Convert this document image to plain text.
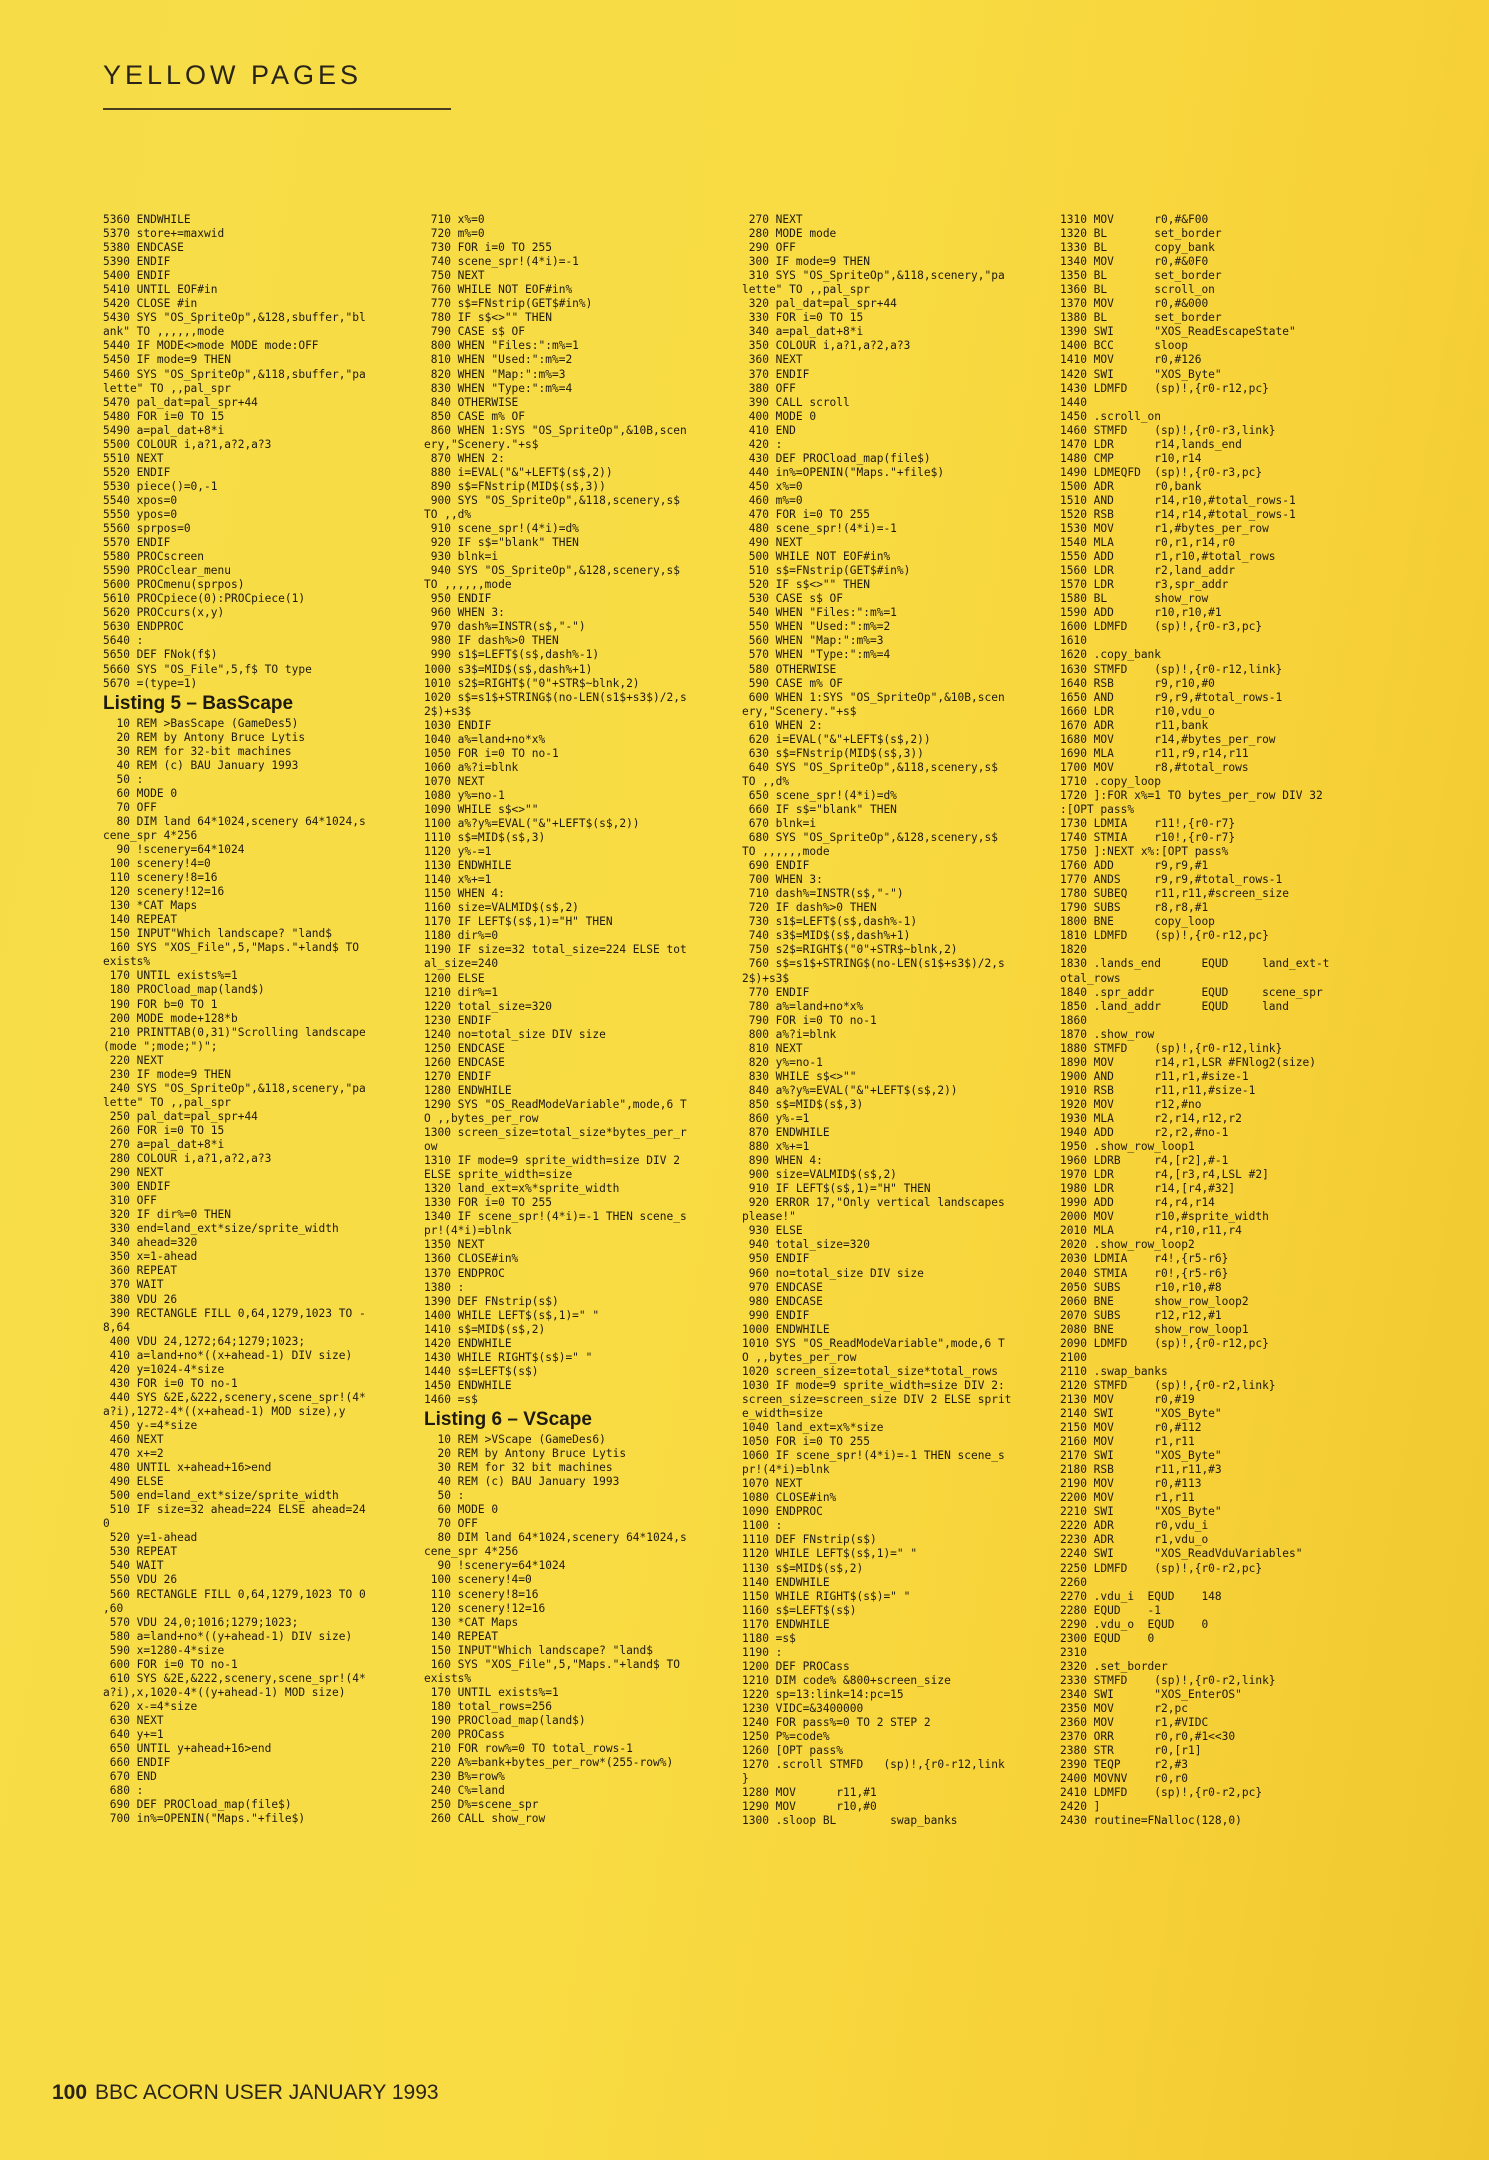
YELLOW PAGES
5360 ENDWHILE
5370 store+=maxwid
5380 ENDCASE
5390 ENDIF
5400 ENDIF
5410 UNTIL EOF#in
5420 CLOSE #in
5430 SYS "OS_SpriteOp",&128,sbuffer,"bl
ank" TO ,,,,,,mode
5440 IF MODE<>mode MODE mode:OFF
5450 IF mode=9 THEN
5460 SYS "OS_SpriteOp",&118,sbuffer,"pa
lette" TO ,,pal_spr
5470 pal_dat=pal_spr+44
5480 FOR i=0 TO 15
5490 a=pal_dat+8*i
5500 COLOUR i,a?1,a?2,a?3
5510 NEXT
5520 ENDIF
5530 piece()=0,-1
5540 xpos=0
5550 ypos=0
5560 sprpos=0
5570 ENDIF
5580 PROCscreen
5590 PROCclear_menu
5600 PROCmenu(sprpos)
5610 PROCpiece(0):PROCpiece(1)
5620 PROCcurs(x,y)
5630 ENDPROC
5640 :
5650 DEF FNok(f$)
5660 SYS "OS_File",5,f$ TO type
5670 =(type=1)
Listing 5 – BasScape
10 REM >BasScape (GameDes5)
20 REM by Antony Bruce Lytis
30 REM for 32-bit machines
40 REM (c) BAU January 1993
50 :
60 MODE 0
70 OFF
80 DIM land 64*1024,scenery 64*1024,s
cene_spr 4*256
90 !scenery=64*1024
100 scenery!4=0
110 scenery!8=16
120 scenery!12=16
130 *CAT Maps
140 REPEAT
150 INPUT"Which landscape? "land$
160 SYS "XOS_File",5,"Maps."+land$ TO
exists%
170 UNTIL exists%=1
180 PROCload_map(land$)
190 FOR b=0 TO 1
200 MODE mode+128*b
210 PRINTTAB(0,31)"Scrolling landscape
(mode ";mode;")";
220 NEXT
230 IF mode=9 THEN
240 SYS "OS_SpriteOp",&118,scenery,"pa
lette" TO ,,pal_spr
250 pal_dat=pal_spr+44
260 FOR i=0 TO 15
270 a=pal_dat+8*i
280 COLOUR i,a?1,a?2,a?3
290 NEXT
300 ENDIF
310 OFF
320 IF dir%=0 THEN
330 end=land_ext*size/sprite_width
340 ahead=320
350 x=1-ahead
360 REPEAT
370 WAIT
380 VDU 26
390 RECTANGLE FILL 0,64,1279,1023 TO -
8,64
400 VDU 24,1272;64;1279;1023;
410 a=land+no*((x+ahead-1) DIV size)
420 y=1024-4*size
430 FOR i=0 TO no-1
440 SYS &2E,&222,scenery,scene_spr!(4*
a?i),1272-4*((x+ahead-1) MOD size),y
450 y-=4*size
460 NEXT
470 x+=2
480 UNTIL x+ahead+16>end
490 ELSE
500 end=land_ext*size/sprite_width
510 IF size=32 ahead=224 ELSE ahead=24
0
520 y=1-ahead
530 REPEAT
540 WAIT
550 VDU 26
560 RECTANGLE FILL 0,64,1279,1023 TO 0
,60
570 VDU 24,0;1016;1279;1023;
580 a=land+no*((y+ahead-1) DIV size)
590 x=1280-4*size
600 FOR i=0 TO no-1
610 SYS &2E,&222,scenery,scene_spr!(4*
a?i),x,1020-4*((y+ahead-1) MOD size)
620 x-=4*size
630 NEXT
640 y+=1
650 UNTIL y+ahead+16>end
660 ENDIF
670 END
680 :
690 DEF PROCload_map(file$)
700 in%=OPENIN("Maps."+file$)
710 x%=0
720 m%=0
730 FOR i=0 TO 255
740 scene_spr!(4*i)=-1
750 NEXT
760 WHILE NOT EOF#in%
770 s$=FNstrip(GET$#in%)
780 IF s$<>"" THEN
790 CASE s$ OF
800 WHEN "Files:":m%=1
810 WHEN "Used:":m%=2
820 WHEN "Map:":m%=3
830 WHEN "Type:":m%=4
840 OTHERWISE
850 CASE m% OF
860 WHEN 1:SYS "OS_SpriteOp",&10B,scen
ery,"Scenery."+s$
870 WHEN 2:
880 i=EVAL("&"+LEFT$(s$,2))
890 s$=FNstrip(MID$(s$,3))
900 SYS "OS_SpriteOp",&118,scenery,s$
TO ,,d%
910 scene_spr!(4*i)=d%
920 IF s$="blank" THEN
930 blnk=i
940 SYS "OS_SpriteOp",&128,scenery,s$
TO ,,,,,,mode
950 ENDIF
960 WHEN 3:
970 dash%=INSTR(s$,"-")
980 IF dash%>0 THEN
990 s1$=LEFT$(s$,dash%-1)
1000 s3$=MID$(s$,dash%+1)
1010 s2$=RIGHT$("0"+STR$~blnk,2)
1020 s$=s1$+STRING$(no-LEN(s1$+s3$)/2,s
2$)+s3$
1030 ENDIF
1040 a%=land+no*x%
1050 FOR i=0 TO no-1
1060 a%?i=blnk
1070 NEXT
1080 y%=no-1
1090 WHILE s$<>""
1100 a%?y%=EVAL("&"+LEFT$(s$,2))
1110 s$=MID$(s$,3)
1120 y%-=1
1130 ENDWHILE
1140 x%+=1
1150 WHEN 4:
1160 size=VALMID$(s$,2)
1170 IF LEFT$(s$,1)="H" THEN
1180 dir%=0
1190 IF size=32 total_size=224 ELSE tot
al_size=240
1200 ELSE
1210 dir%=1
1220 total_size=320
1230 ENDIF
1240 no=total_size DIV size
1250 ENDCASE
1260 ENDCASE
1270 ENDIF
1280 ENDWHILE
1290 SYS "OS_ReadModeVariable",mode,6 T
O ,,bytes_per_row
1300 screen_size=total_size*bytes_per_r
ow
1310 IF mode=9 sprite_width=size DIV 2
ELSE sprite_width=size
1320 land_ext=x%*sprite_width
1330 FOR i=0 TO 255
1340 IF scene_spr!(4*i)=-1 THEN scene_s
pr!(4*i)=blnk
1350 NEXT
1360 CLOSE#in%
1370 ENDPROC
1380 :
1390 DEF FNstrip(s$)
1400 WHILE LEFT$(s$,1)=" "
1410 s$=MID$(s$,2)
1420 ENDWHILE
1430 WHILE RIGHT$(s$)=" "
1440 s$=LEFT$(s$)
1450 ENDWHILE
1460 =s$
Listing 6 – VScape
10 REM >VScape (GameDes6)
20 REM by Antony Bruce Lytis
30 REM for 32 bit machines
40 REM (c) BAU January 1993
50 :
60 MODE 0
70 OFF
80 DIM land 64*1024,scenery 64*1024,s
cene_spr 4*256
90 !scenery=64*1024
100 scenery!4=0
110 scenery!8=16
120 scenery!12=16
130 *CAT Maps
140 REPEAT
150 INPUT"Which landscape? "land$
160 SYS "XOS_File",5,"Maps."+land$ TO
exists%
170 UNTIL exists%=1
180 total_rows=256
190 PROCload_map(land$)
200 PROCass
210 FOR row%=0 TO total_rows-1
220 A%=bank+bytes_per_row*(255-row%)
230 B%=row%
240 C%=land
250 D%=scene_spr
260 CALL show_row
270 NEXT
280 MODE mode
290 OFF
300 IF mode=9 THEN
310 SYS "OS_SpriteOp",&118,scenery,"pa
lette" TO ,,pal_spr
320 pal_dat=pal_spr+44
330 FOR i=0 TO 15
340 a=pal_dat+8*i
350 COLOUR i,a?1,a?2,a?3
360 NEXT
370 ENDIF
380 OFF
390 CALL scroll
400 MODE 0
410 END
420 :
430 DEF PROCload_map(file$)
440 in%=OPENIN("Maps."+file$)
450 x%=0
460 m%=0
470 FOR i=0 TO 255
480 scene_spr!(4*i)=-1
490 NEXT
500 WHILE NOT EOF#in%
510 s$=FNstrip(GET$#in%)
520 IF s$<>"" THEN
530 CASE s$ OF
540 WHEN "Files:":m%=1
550 WHEN "Used:":m%=2
560 WHEN "Map:":m%=3
570 WHEN "Type:":m%=4
580 OTHERWISE
590 CASE m% OF
600 WHEN 1:SYS "OS_SpriteOp",&10B,scen
ery,"Scenery."+s$
610 WHEN 2:
620 i=EVAL("&"+LEFT$(s$,2))
630 s$=FNstrip(MID$(s$,3))
640 SYS "OS_SpriteOp",&118,scenery,s$
TO ,,d%
650 scene_spr!(4*i)=d%
660 IF s$="blank" THEN
670 blnk=i
680 SYS "OS_SpriteOp",&128,scenery,s$
TO ,,,,,,mode
690 ENDIF
700 WHEN 3:
710 dash%=INSTR(s$,"-")
720 IF dash%>0 THEN
730 s1$=LEFT$(s$,dash%-1)
740 s3$=MID$(s$,dash%+1)
750 s2$=RIGHT$("0"+STR$~blnk,2)
760 s$=s1$+STRING$(no-LEN(s1$+s3$)/2,s
2$)+s3$
770 ENDIF
780 a%=land+no*x%
790 FOR i=0 TO no-1
800 a%?i=blnk
810 NEXT
820 y%=no-1
830 WHILE s$<>""
840 a%?y%=EVAL("&"+LEFT$(s$,2))
850 s$=MID$(s$,3)
860 y%-=1
870 ENDWHILE
880 x%+=1
890 WHEN 4:
900 size=VALMID$(s$,2)
910 IF LEFT$(s$,1)="H" THEN
920 ERROR 17,"Only vertical landscapes
please!"
930 ELSE
940 total_size=320
950 ENDIF
960 no=total_size DIV size
970 ENDCASE
980 ENDCASE
990 ENDIF
1000 ENDWHILE
1010 SYS "OS_ReadModeVariable",mode,6 T
O ,,bytes_per_row
1020 screen_size=total_size*total_rows
1030 IF mode=9 sprite_width=size DIV 2:
screen_size=screen_size DIV 2 ELSE sprit
e_width=size
1040 land_ext=x%*size
1050 FOR i=0 TO 255
1060 IF scene_spr!(4*i)=-1 THEN scene_s
pr!(4*i)=blnk
1070 NEXT
1080 CLOSE#in%
1090 ENDPROC
1100 :
1110 DEF FNstrip(s$)
1120 WHILE LEFT$(s$,1)=" "
1130 s$=MID$(s$,2)
1140 ENDWHILE
1150 WHILE RIGHT$(s$)=" "
1160 s$=LEFT$(s$)
1170 ENDWHILE
1180 =s$
1190 :
1200 DEF PROCass
1210 DIM code% &800+screen_size
1220 sp=13:link=14:pc=15
1230 VIDC=&3400000
1240 FOR pass%=0 TO 2 STEP 2
1250 P%=code%
1260 [OPT pass%
1270 .scroll STMFD   (sp)!,{r0-r12,link
}
1280 MOV      r11,#1
1290 MOV      r10,#0
1300 .sloop BL        swap_banks
1310 MOV      r0,#&F00
1320 BL       set_border
1330 BL       copy_bank
1340 MOV      r0,#&0F0
1350 BL       set_border
1360 BL       scroll_on
1370 MOV      r0,#&000
1380 BL       set_border
1390 SWI      "XOS_ReadEscapeState"
1400 BCC      sloop
1410 MOV      r0,#126
1420 SWI      "XOS_Byte"
1430 LDMFD    (sp)!,{r0-r12,pc}
1440
1450 .scroll_on
1460 STMFD    (sp)!,{r0-r3,link}
1470 LDR      r14,lands_end
1480 CMP      r10,r14
1490 LDMEQFD  (sp)!,{r0-r3,pc}
1500 ADR      r0,bank
1510 AND      r14,r10,#total_rows-1
1520 RSB      r14,r14,#total_rows-1
1530 MOV      r1,#bytes_per_row
1540 MLA      r0,r1,r14,r0
1550 ADD      r1,r10,#total_rows
1560 LDR      r2,land_addr
1570 LDR      r3,spr_addr
1580 BL       show_row
1590 ADD      r10,r10,#1
1600 LDMFD    (sp)!,{r0-r3,pc}
1610
1620 .copy_bank
1630 STMFD    (sp)!,{r0-r12,link}
1640 RSB      r9,r10,#0
1650 AND      r9,r9,#total_rows-1
1660 LDR      r10,vdu_o
1670 ADR      r11,bank
1680 MOV      r14,#bytes_per_row
1690 MLA      r11,r9,r14,r11
1700 MOV      r8,#total_rows
1710 .copy_loop
1720 ]:FOR x%=1 TO bytes_per_row DIV 32
:[OPT pass%
1730 LDMIA    r11!,{r0-r7}
1740 STMIA    r10!,{r0-r7}
1750 ]:NEXT x%:[OPT pass%
1760 ADD      r9,r9,#1
1770 ANDS     r9,r9,#total_rows-1
1780 SUBEQ    r11,r11,#screen_size
1790 SUBS     r8,r8,#1
1800 BNE      copy_loop
1810 LDMFD    (sp)!,{r0-r12,pc}
1820
1830 .lands_end      EQUD     land_ext-t
otal_rows
1840 .spr_addr       EQUD     scene_spr
1850 .land_addr      EQUD     land
1860
1870 .show_row
1880 STMFD    (sp)!,{r0-r12,link}
1890 MOV      r14,r1,LSR #FNlog2(size)
1900 AND      r11,r1,#size-1
1910 RSB      r11,r11,#size-1
1920 MOV      r12,#no
1930 MLA      r2,r14,r12,r2
1940 ADD      r2,r2,#no-1
1950 .show_row_loop1
1960 LDRB     r4,[r2],#-1
1970 LDR      r4,[r3,r4,LSL #2]
1980 LDR      r14,[r4,#32]
1990 ADD      r4,r4,r14
2000 MOV      r10,#sprite_width
2010 MLA      r4,r10,r11,r4
2020 .show_row_loop2
2030 LDMIA    r4!,{r5-r6}
2040 STMIA    r0!,{r5-r6}
2050 SUBS     r10,r10,#8
2060 BNE      show_row_loop2
2070 SUBS     r12,r12,#1
2080 BNE      show_row_loop1
2090 LDMFD    (sp)!,{r0-r12,pc}
2100
2110 .swap_banks
2120 STMFD    (sp)!,{r0-r2,link}
2130 MOV      r0,#19
2140 SWI      "XOS_Byte"
2150 MOV      r0,#112
2160 MOV      r1,r11
2170 SWI      "XOS_Byte"
2180 RSB      r11,r11,#3
2190 MOV      r0,#113
2200 MOV      r1,r11
2210 SWI      "XOS_Byte"
2220 ADR      r0,vdu_i
2230 ADR      r1,vdu_o
2240 SWI      "XOS_ReadVduVariables"
2250 LDMFD    (sp)!,{r0-r2,pc}
2260
2270 .vdu_i  EQUD    148
2280 EQUD    -1
2290 .vdu_o  EQUD    0
2300 EQUD    0
2310
2320 .set_border
2330 STMFD    (sp)!,{r0-r2,link}
2340 SWI      "XOS_EnterOS"
2350 MOV      r2,pc
2360 MOV      r1,#VIDC
2370 ORR      r0,r0,#1<<30
2380 STR      r0,[r1]
2390 TEQP     r2,#3
2400 MOVNV    r0,r0
2410 LDMFD    (sp)!,{r0-r2,pc}
2420 ]
2430 routine=FNalloc(128,0)
100 BBC ACORN USER JANUARY 1993
